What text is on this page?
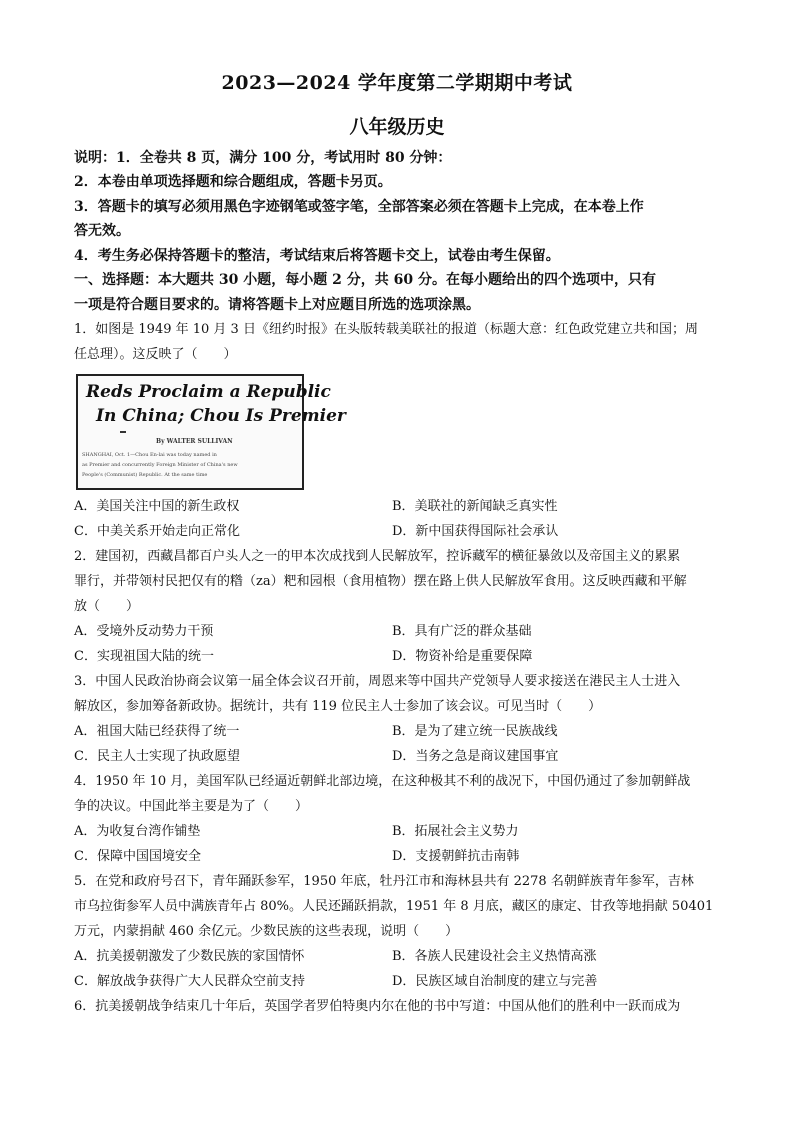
2023—2024 学年度第二学期期中考试
八年级历史
说明：1．全卷共 8 页，满分 100 分，考试用时 80 分钟：
2．本卷由单项选择题和综合题组成，答题卡另页。
3．答题卡的填写必须用黑色字迹钢笔或签字笔，全部答案必须在答题卡上完成，在本卷上作
答无效。
4．考生务必保持答题卡的整洁，考试结束后将答题卡交上，试卷由考生保留。
一、选择题：本大题共 30 小题，每小题 2 分，共 60 分。在每小题给出的四个选项中，只有
一项是符合题目要求的。请将答题卡上对应题目所选的选项涂黑。
1．如图是 1949 年 10 月 3 日《纽约时报》在头版转载美联社的报道（标题大意：红色政党建立共和国；周
任总理）。这反映了（　　）
Reds Proclaim a Republic
In China; Chou Is Premier
By WALTER SULLIVAN
SHANGHAI, Oct. 1—Chou En-lai was today named in
as Premier and concurrently Foreign Minister of China's new
People's (Communist) Republic. At the same time
A．美国关注中国的新生政权	B．美联社的新闻缺乏真实性
C．中美关系开始走向正常化	D．新中国获得国际社会承认
2．建国初，西藏昌都百户头人之一的甲本次成找到人民解放军，控诉藏军的横征暴敛以及帝国主义的累累
罪行，并带领村民把仅有的糌（za）粑和园根（食用植物）摆在路上供人民解放军食用。这反映西藏和平解
放（　　）
A．受境外反动势力干预	B．具有广泛的群众基础
C．实现祖国大陆的统一	D．物资补给是重要保障
3．中国人民政治协商会议第一届全体会议召开前，周恩来等中国共产党领导人要求接送在港民主人士进入
解放区，参加筹备新政协。据统计，共有 119 位民主人士参加了该会议。可见当时（　　）
A．祖国大陆已经获得了统一	B．是为了建立统一民族战线
C．民主人士实现了执政愿望	D．当务之急是商议建国事宜
4．1950 年 10 月，美国军队已经逼近朝鲜北部边境，在这种极其不利的战况下，中国仍通过了参加朝鲜战
争的决议。中国此举主要是为了（　　）
A．为收复台湾作铺垫	B．拓展社会主义势力
C．保障中国国境安全	D．支援朝鲜抗击南韩
5．在党和政府号召下，青年踊跃参军，1950 年底，牡丹江市和海林县共有 2278 名朝鲜族青年参军，吉林
市乌拉街参军人员中满族青年占 80%。人民还踊跃捐款，1951 年 8 月底，藏区的康定、甘孜等地捐献 50401
万元，内蒙捐献 460 余亿元。少数民族的这些表现，说明（　　）
A．抗美援朝激发了少数民族的家国情怀	B．各族人民建设社会主义热情高涨
C．解放战争获得广大人民群众空前支持	D．民族区域自治制度的建立与完善
6．抗美援朝战争结束几十年后，英国学者罗伯特奥内尔在他的书中写道：中国从他们的胜利中一跃而成为
